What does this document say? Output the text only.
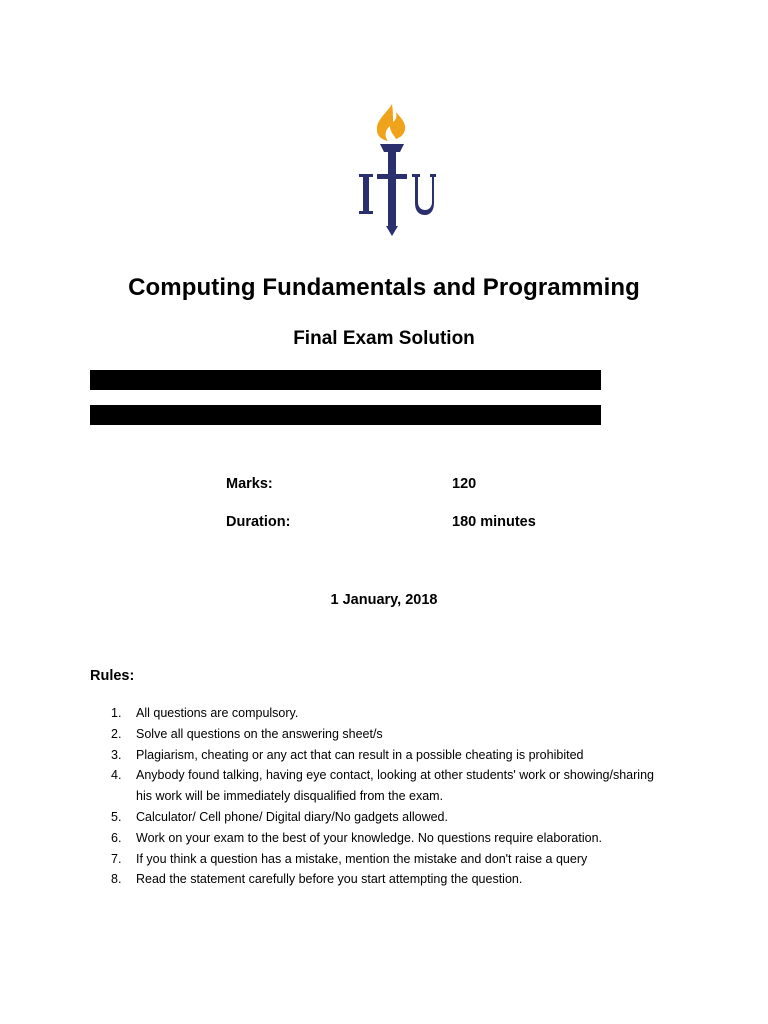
Computing Fundamentals and Programming
Final Exam Solution
Marks:	120
Duration:	180 minutes
1 January, 2018
Rules:
1. All questions are compulsory.
2. Solve all questions on the answering sheet/s
3. Plagiarism, cheating or any act that can result in a possible cheating is prohibited
4. Anybody found talking, having eye contact, looking at other students' work or showing/sharing his work will be immediately disqualified from the exam.
5. Calculator/ Cell phone/ Digital diary/No gadgets allowed.
6. Work on your exam to the best of your knowledge. No questions require elaboration.
7. If you think a question has a mistake, mention the mistake and don't raise a query
8. Read the statement carefully before you start attempting the question.
